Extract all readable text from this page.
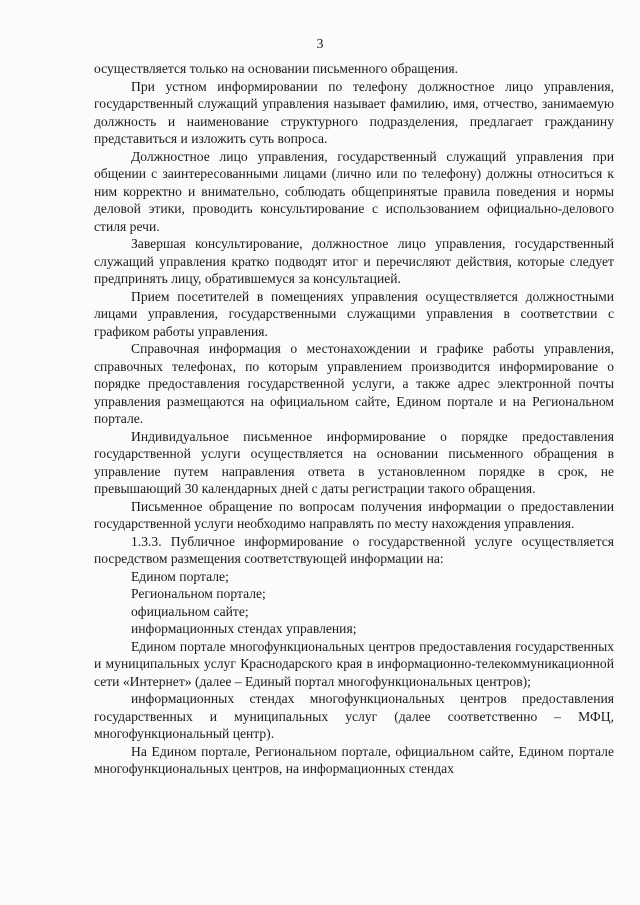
3

осуществляется только на основании письменного обращения.

При устном информировании по телефону должностное лицо управления, государственный служащий управления называет фамилию, имя, отчество, занимаемую должность и наименование структурного подразделения, предлагает гражданину представиться и изложить суть вопроса.

Должностное лицо управления, государственный служащий управления при общении с заинтересованными лицами (лично или по телефону) должны относиться к ним корректно и внимательно, соблюдать общепринятые правила поведения и нормы деловой этики, проводить консультирование с использованием официально-делового стиля речи.

Завершая консультирование, должностное лицо управления, государственный служащий управления кратко подводят итог и перечисляют действия, которые следует предпринять лицу, обратившемуся за консультацией.

Прием посетителей в помещениях управления осуществляется должностными лицами управления, государственными служащими управления в соответствии с графиком работы управления.

Справочная информация о местонахождении и графике работы управления, справочных телефонах, по которым управлением производится информирование о порядке предоставления государственной услуги, а также адрес электронной почты управления размещаются на официальном сайте, Едином портале и на Региональном портале.

Индивидуальное письменное информирование о порядке предоставления государственной услуги осуществляется на основании письменного обращения в управление путем направления ответа в установленном порядке в срок, не превышающий 30 календарных дней с даты регистрации такого обращения.

Письменное обращение по вопросам получения информации о предоставлении государственной услуги необходимо направлять по месту нахождения управления.

1.3.3. Публичное информирование о государственной услуге осуществляется посредством размещения соответствующей информации на:

Едином портале;

Региональном портале;

официальном сайте;

информационных стендах управления;

Едином портале многофункциональных центров предоставления государственных и муниципальных услуг Краснодарского края в информационно-телекоммуникационной сети «Интернет» (далее – Единый портал многофункциональных центров);

информационных стендах многофункциональных центров предоставления государственных и муниципальных услуг (далее соответственно – МФЦ, многофункциональный центр).

На Едином портале, Региональном портале, официальном сайте, Едином портале многофункциональных центров, на информационных стендах
